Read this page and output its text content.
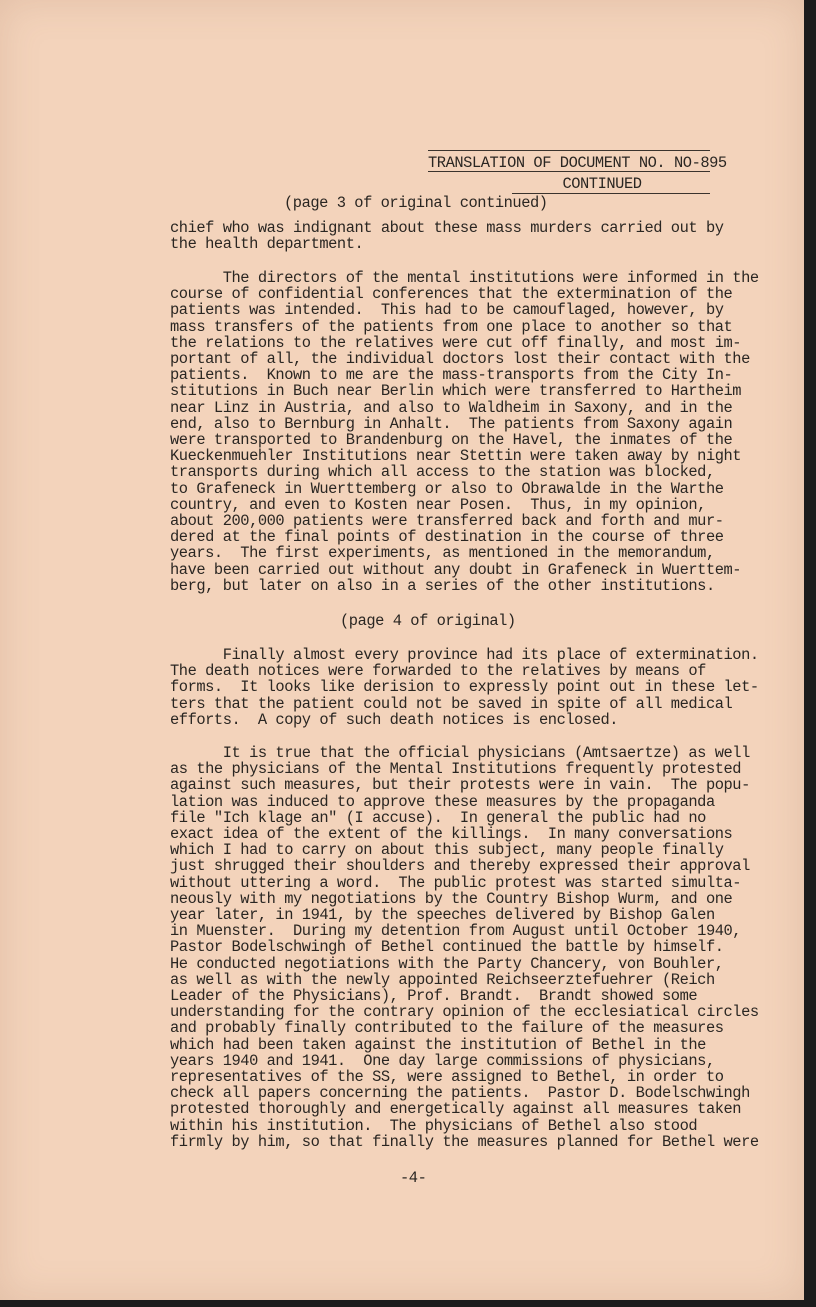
TRANSLATION OF DOCUMENT NO. NO-895
CONTINUED
(page 3 of original continued)

chief who was indignant about these mass murders carried out by
the health department.

The directors of the mental institutions were informed in the
course of confidential conferences that the extermination of the
patients was intended.  This had to be camouflaged, however, by
mass transfers of the patients from one place to another so that
the relations to the relatives were cut off finally, and most im-
portant of all, the individual doctors lost their contact with the
patients.  Known to me are the mass-transports from the City In-
stitutions in Buch near Berlin which were transferred to Hartheim
near Linz in Austria, and also to Waldheim in Saxony, and in the
end, also to Bernburg in Anhalt.  The patients from Saxony again
were transported to Brandenburg on the Havel, the inmates of the
Kueckenmuehler Institutions near Stettin were taken away by night
transports during which all access to the station was blocked,
to Grafeneck in Wuerttemberg or also to Obrawalde in the Warthe
country, and even to Kosten near Posen.  Thus, in my opinion,
about 200,000 patients were transferred back and forth and mur-
dered at the final points of destination in the course of three
years.  The first experiments, as mentioned in the memorandum,
have been carried out without any doubt in Grafeneck in Wuerttem-
berg, but later on also in a series of the other institutions.

(page 4 of original)

Finally almost every province had its place of extermination.
The death notices were forwarded to the relatives by means of
forms.  It looks like derision to expressly point out in these let-
ters that the patient could not be saved in spite of all medical
efforts.  A copy of such death notices is enclosed.

It is true that the official physicians (Amtsaertze) as well
as the physicians of the Mental Institutions frequently protested
against such measures, but their protests were in vain.  The popu-
lation was induced to approve these measures by the propaganda
file "Ich klage an" (I accuse).  In general the public had no
exact idea of the extent of the killings.  In many conversations
which I had to carry on about this subject, many people finally
just shrugged their shoulders and thereby expressed their approval
without uttering a word.  The public protest was started simulta-
neously with my negotiations by the Country Bishop Wurm, and one
year later, in 1941, by the speeches delivered by Bishop Galen
in Muenster.  During my detention from August until October 1940,
Pastor Bodelschwingh of Bethel continued the battle by himself.
He conducted negotiations with the Party Chancery, von Bouhler,
as well as with the newly appointed Reichseerztefuehrer (Reich
Leader of the Physicians), Prof. Brandt.  Brandt showed some
understanding for the contrary opinion of the ecclesiatical circles
and probably finally contributed to the failure of the measures
which had been taken against the institution of Bethel in the
years 1940 and 1941.  One day large commissions of physicians,
representatives of the SS, were assigned to Bethel, in order to
check all papers concerning the patients.  Pastor D. Bodelschwingh
protested thoroughly and energetically against all measures taken
within his institution.  The physicians of Bethel also stood
firmly by him, so that finally the measures planned for Bethel were

-4-
